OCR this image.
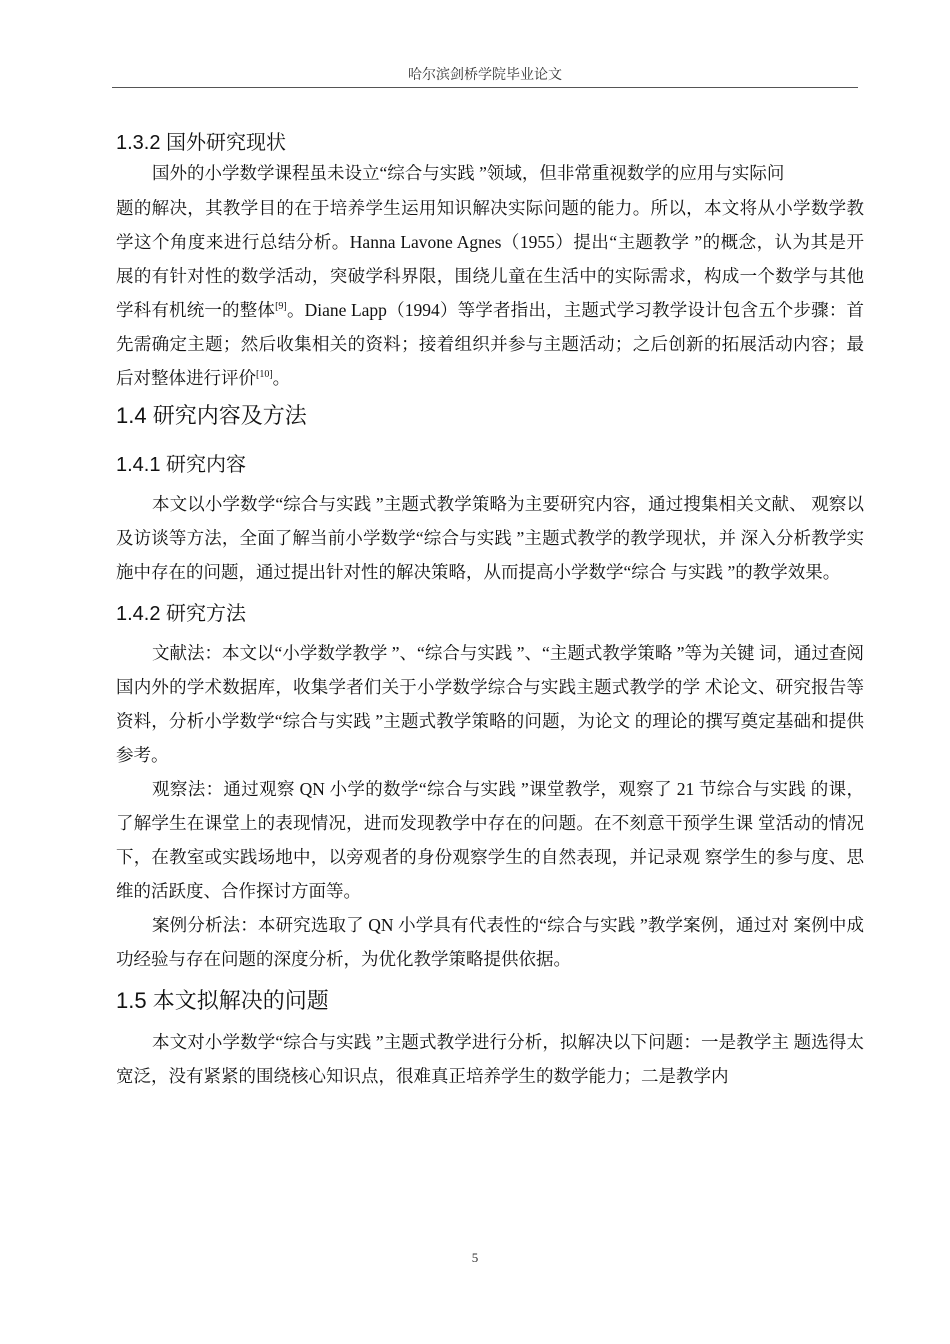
哈尔滨剑桥学院毕业论文
1.3.2 国外研究现状

国外的小学数学课程虽未设立“综合与实践 ”领域，但非常重视数学的应用与实际问

题的解决，其教学目的在于培养学生运用知识解决实际问题的能力。所以，本文将从小学数学教学这个角度来进行总结分析。Hanna Lavone Agnes（1955）提出“主题教学 ”的概念，认为其是开展的有针对性的数学活动，突破学科界限，围绕儿童在生活中的实际需求，构成一个数学与其他学科有机统一的整体[9]。Diane Lapp（1994）等学者指出，主题式学习教学设计包含五个步骤：首先需确定主题；然后收集相关的资料；接着组织并参与主题活动；之后创新的拓展活动内容；最后对整体进行评价[10]。

1.4 研究内容及方法
1.4.1 研究内容

本文以小学数学“综合与实践 ”主题式教学策略为主要研究内容，通过搜集相关文献、 观察以及访谈等方法，全面了解当前小学数学“综合与实践 ”主题式教学的教学现状，并 深入分析教学实施中存在的问题，通过提出针对性的解决策略，从而提高小学数学“综合 与实践 ”的教学效果。

1.4.2 研究方法

文献法：本文以“小学数学教学 ”、“综合与实践 ”、“主题式教学策略 ”等为关键 词，通过查阅国内外的学术数据库，收集学者们关于小学数学综合与实践主题式教学的学 术论文、研究报告等资料，分析小学数学“综合与实践 ”主题式教学策略的问题，为论文 的理论的撰写奠定基础和提供参考。

观察法：通过观察 QN 小学的数学“综合与实践 ”课堂教学，观察了 21 节综合与实践 的课，了解学生在课堂上的表现情况，进而发现教学中存在的问题。在不刻意干预学生课 堂活动的情况下，在教室或实践场地中，以旁观者的身份观察学生的自然表现，并记录观 察学生的参与度、思维的活跃度、合作探讨方面等。

案例分析法：本研究选取了 QN 小学具有代表性的“综合与实践 ”教学案例，通过对 案例中成功经验与存在问题的深度分析，为优化教学策略提供依据。

1.5 本文拟解决的问题

本文对小学数学“综合与实践 ”主题式教学进行分析，拟解决以下问题：一是教学主 题选得太宽泛，没有紧紧的围绕核心知识点，很难真正培养学生的数学能力；二是教学内

5
